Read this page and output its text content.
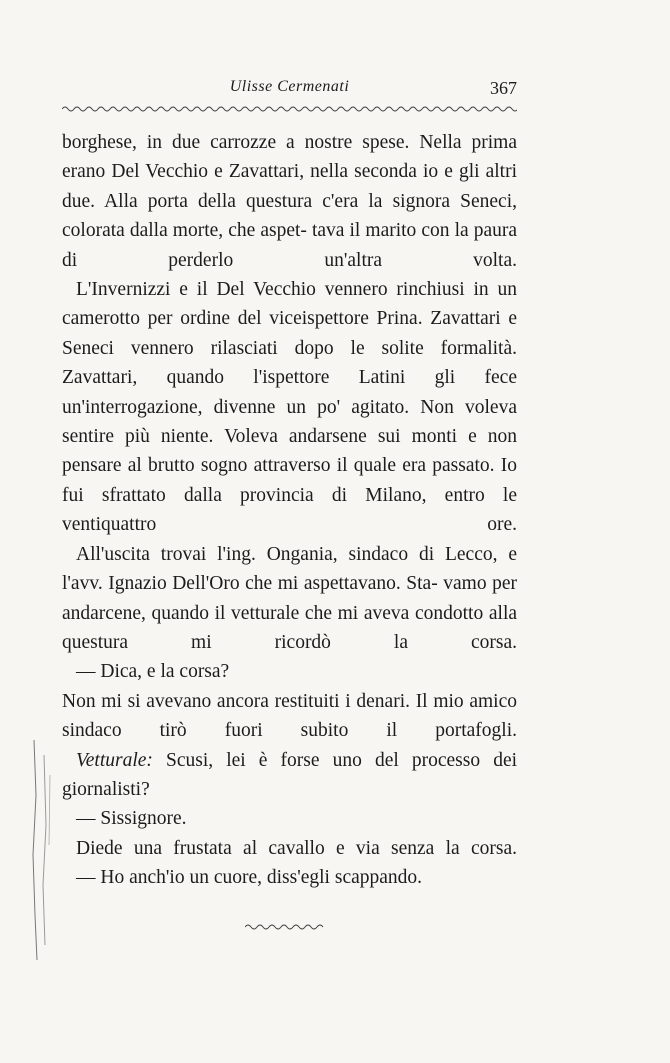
Ulisse Cermenati	367

borghese, in due carrozze a nostre spese. Nella prima erano Del Vecchio e Zavattari, nella seconda io e gli altri due. Alla porta della questura c'era la signora Seneci, colorata dalla morte, che aspet- tava il marito con la paura di perderlo un'altra volta.

L'Invernizzi e il Del Vecchio vennero rinchiusi in un camerotto per ordine del viceispettore Prina. Zavattari e Seneci vennero rilasciati dopo le solite formalità. Zavattari, quando l'ispettore Latini gli fece un'interrogazione, divenne un po' agitato. Non voleva sentire più niente. Voleva andarsene sui monti e non pensare al brutto sogno attraverso il quale era passato. Io fui sfrattato dalla provincia di Milano, entro le ventiquattro ore.

All'uscita trovai l'ing. Ongania, sindaco di Lecco, e l'avv. Ignazio Dell'Oro che mi aspettavano. Sta- vamo per andarcene, quando il vetturale che mi aveva condotto alla questura mi ricordò la corsa.

— Dica, e la corsa?

Non mi si avevano ancora restituiti i denari. Il mio amico sindaco tirò fuori subito il portafogli.

Vetturale: Scusi, lei è forse uno del processo dei giornalisti?

— Sissignore.

Diede una frustata al cavallo e via senza la corsa.

— Ho anch'io un cuore, diss'egli scappando.
